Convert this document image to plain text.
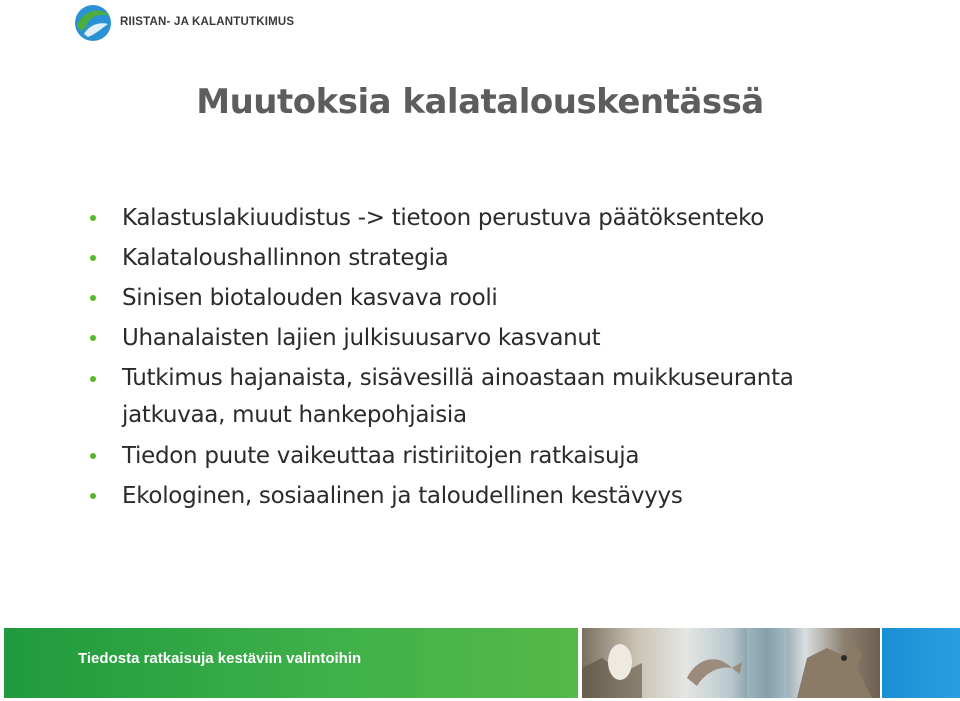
RIISTAN- JA KALANTUTKIMUS
Muutoksia kalatalouskentässä
Kalastuslakiuudistus -> tietoon perustuva päätöksenteko
Kalataloushallinnon strategia
Sinisen biotalouden kasvava rooli
Uhanalaisten lajien julkisuusarvo kasvanut
Tutkimus hajanaista, sisävesillä ainoastaan muikkuseuranta jatkuvaa, muut hankepohjaisia
Tiedon puute vaikeuttaa ristiriitojen ratkaisuja
Ekologinen, sosiaalinen ja taloudellinen kestävyys
Tiedosta ratkaisuja kestäviin valintoihin
